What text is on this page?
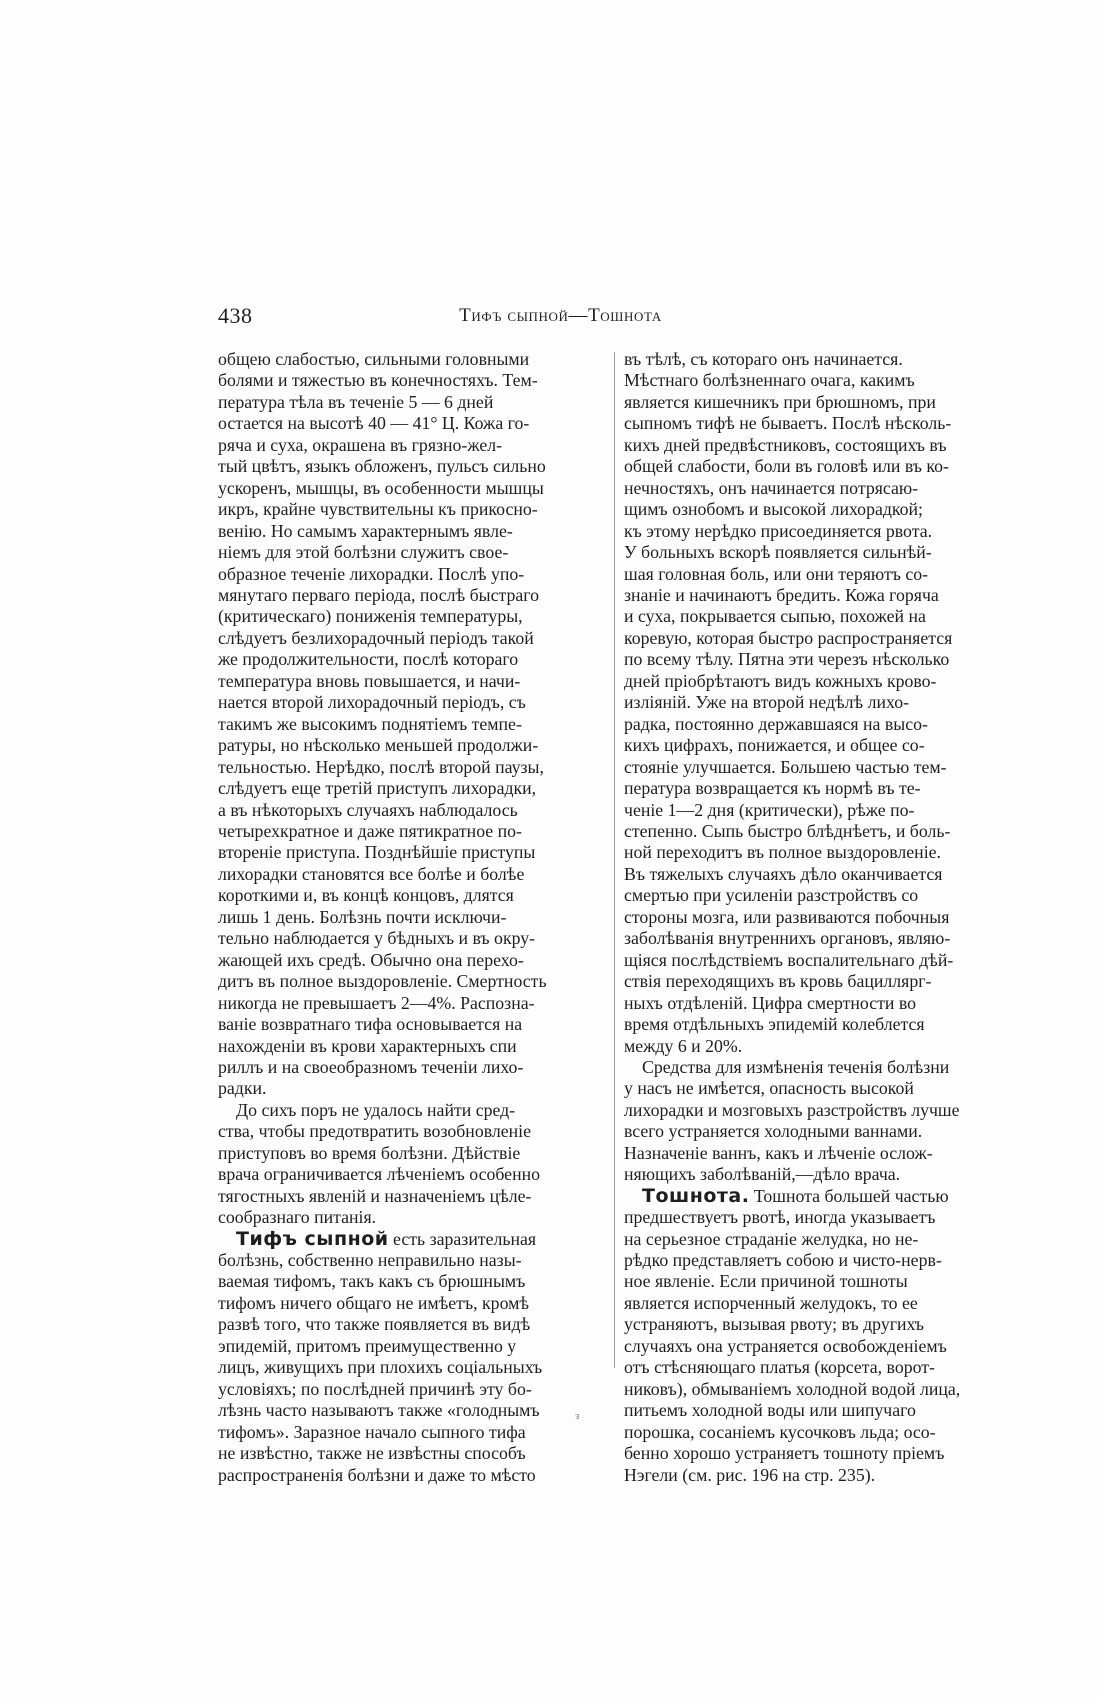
438	Тифъ сыпной—Тошнота

общею слабостью, сильными головными
болями и тяжестью въ конечностяхъ. Тем-
пература тѣла въ теченіе 5 — 6 дней
остается на высотѣ 40 — 41° Ц. Кожа го-
ряча и суха, окрашена въ грязно-жел-
тый цвѣтъ, языкъ обложенъ, пульсъ сильно
ускоренъ, мышцы, въ особенности мышцы
икръ, крайне чувствительны къ прикосно-
венію. Но самымъ характернымъ явле-
ніемъ для этой болѣзни служитъ свое-
образное теченіе лихорадки. Послѣ упо-
мянутаго перваго періода, послѣ быстраго
(критическаго) пониженія температуры,
слѣдуетъ безлихорадочный періодъ такой
же продолжительности, послѣ котораго
температура вновь повышается, и начи-
нается второй лихорадочный періодъ, съ
такимъ же высокимъ поднятіемъ темпе-
ратуры, но нѣсколько меньшей продолжи-
тельностью. Нерѣдко, послѣ второй паузы,
слѣдуетъ еще третій приступъ лихорадки,
а въ нѣкоторыхъ случаяхъ наблюдалось
четырехкратное и даже пятикратное по-
втореніе приступа. Позднѣйшіе приступы
лихорадки становятся все болѣе и болѣе
короткими и, въ концѣ концовъ, длятся
лишь 1 день. Болѣзнь почти исключи-
тельно наблюдается у бѣдныхъ и въ окру-
жающей ихъ средѣ. Обычно она перехо-
дитъ въ полное выздоровленіе. Смертность
никогда не превышаетъ 2—4%. Распозна-
ваніе возвратнаго тифа основывается на
нахожденіи въ крови характерныхъ спи
риллъ и на своеобразномъ теченіи лихо-
радки.

До сихъ поръ не удалось найти сред-
ства, чтобы предотвратить возобновленіе
приступовъ во время болѣзни. Дѣйствіе
врача ограничивается лѣченіемъ особенно
тягостныхъ явленій и назначеніемъ цѣле-
сообразнаго питанія.

Тифъ сыпной есть заразительная
болѣзнь, собственно неправильно назы-
ваемая тифомъ, такъ какъ съ брюшнымъ
тифомъ ничего общаго не имѣетъ, кромѣ
развѣ того, что также появляется въ видѣ
эпидемій, притомъ преимущественно у
лицъ, живущихъ при плохихъ соціальныхъ
условіяхъ; по послѣдней причинѣ эту бо-
лѣзнь часто называютъ также «голоднымъ
тифомъ». Заразное начало сыпного тифа
не извѣстно, также не извѣстны способъ
распространенія болѣзни и даже то мѣсто

въ тѣлѣ, съ котораго онъ начинается.
Мѣстнаго болѣзненнаго очага, какимъ
является кишечникъ при брюшномъ, при
сыпномъ тифѣ не бываетъ. Послѣ нѣсколь-
кихъ дней предвѣстниковъ, состоящихъ въ
общей слабости, боли въ головѣ или въ ко-
нечностяхъ, онъ начинается потрясаю-
щимъ ознобомъ и высокой лихорадкой;
къ этому нерѣдко присоединяется рвота.
У больныхъ вскорѣ появляется сильнѣй-
шая головная боль, или они теряютъ со-
знаніе и начинаютъ бредить. Кожа горяча
и суха, покрывается сыпью, похожей на
коревую, которая быстро распространяется
по всему тѣлу. Пятна эти черезъ нѣсколько
дней пріобрѣтаютъ видъ кожныхъ крово-
изліяній. Уже на второй недѣлѣ лихо-
радка, постоянно державшаяся на высо-
кихъ цифрахъ, понижается, и общее со-
стояніе улучшается. Большею частью тем-
пература возвращается къ нормѣ въ те-
ченіе 1—2 дня (критически), рѣже по-
степенно. Сыпь быстро блѣднѣетъ, и боль-
ной переходитъ въ полное выздоровленіе.
Въ тяжелыхъ случаяхъ дѣло оканчивается
смертью при усиленіи разстройствъ со
стороны мозга, или развиваются побочныя
заболѣванія внутреннихъ органовъ, являю-
щіяся послѣдствіемъ воспалительнаго дѣй-
ствія переходящихъ въ кровь бациллярг-
ныхъ отдѣленій. Цифра смертности во
время отдѣльныхъ эпидемій колеблется
между 6 и 20%.

Средства для измѣненія теченія болѣзни
у насъ не имѣется, опасность высокой
лихорадки и мозговыхъ разстройствъ лучше
всего устраняется холодными ваннами.
Назначеніе ваннъ, какъ и лѣченіе ослож-
няющихъ заболѣваній,—дѣло врача.

Тошнота. Тошнота большей частью
предшествуетъ рвотѣ, иногда указываетъ
на серьезное страданіе желудка, но не-
рѣдко представляетъ собою и чисто-нерв-
ное явленіе. Если причиной тошноты
является испорченный желудокъ, то ее
устраняютъ, вызывая рвоту; въ другихъ
случаяхъ она устраняется освобожденіемъ
отъ стѣсняющаго платья (корсета, ворот-
никовъ), обмываніемъ холодной водой лица,
питьемъ холодной воды или шипучаго
порошка, сосаніемъ кусочковъ льда; осо-
бенно хорошо устраняетъ тошноту пріемъ
Нэгели (см. рис. 196 на стр. 235).

з
